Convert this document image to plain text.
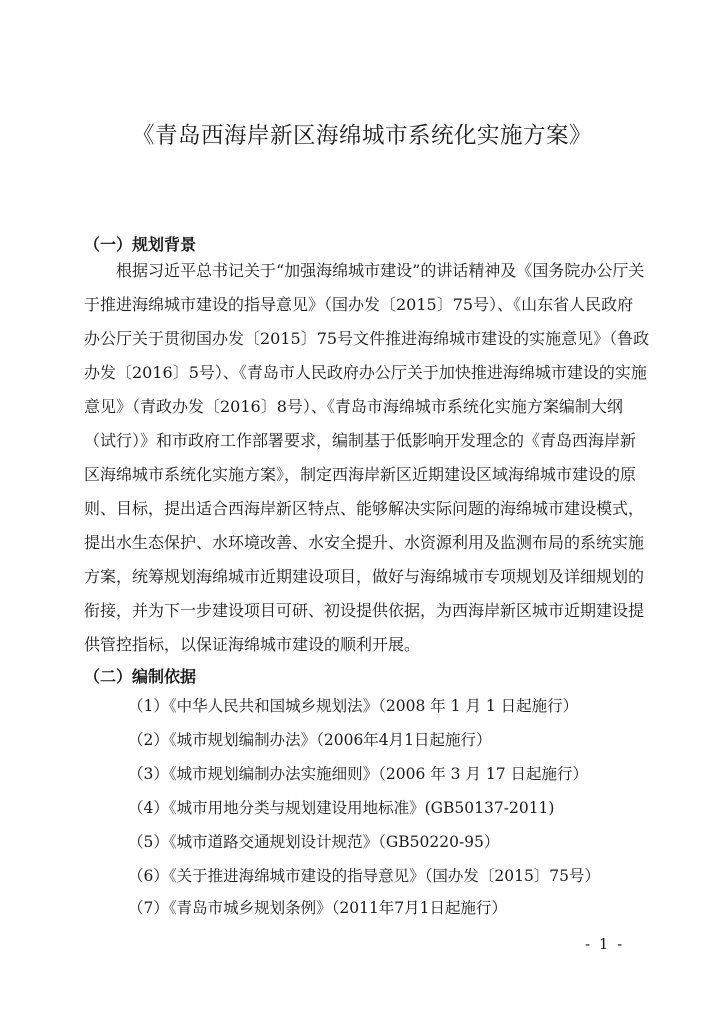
《青岛西海岸新区海绵城市系统化实施方案》
（一）规划背景
根据习近平总书记关于“加强海绵城市建设”的讲话精神及《国务院办公厅关
于推进海绵城市建设的指导意见》（国办发〔2015〕75号）、《山东省人民政府
办公厅关于贯彻国办发〔2015〕75号文件推进海绵城市建设的实施意见》（鲁政
办发〔2016〕5号）、《青岛市人民政府办公厅关于加快推进海绵城市建设的实施
意见》（青政办发〔2016〕8号）、《青岛市海绵城市系统化实施方案编制大纲
（试行）》和市政府工作部署要求，编制基于低影响开发理念的《青岛西海岸新
区海绵城市系统化实施方案》，制定西海岸新区近期建设区域海绵城市建设的原
则、目标，提出适合西海岸新区特点、能够解决实际问题的海绵城市建设模式，
提出水生态保护、水环境改善、水安全提升、水资源利用及监测布局的系统实施
方案，统筹规划海绵城市近期建设项目，做好与海绵城市专项规划及详细规划的
衔接，并为下一步建设项目可研、初设提供依据，为西海岸新区城市近期建设提
供管控指标，以保证海绵城市建设的顺利开展。
（二）编制依据
（1）《中华人民共和国城乡规划法》（2008 年 1 月 1 日起施行）
（2）《城市规划编制办法》（2006年4月1日起施行）
（3）《城市规划编制办法实施细则》（2006 年 3 月 17 日起施行）
（4）《城市用地分类与规划建设用地标准》(GB50137-2011)
（5）《城市道路交通规划设计规范》（GB50220-95）
（6）《关于推进海绵城市建设的指导意见》（国办发〔2015〕75号）
（7）《青岛市城乡规划条例》（2011年7月1日起施行）
- 1 -
